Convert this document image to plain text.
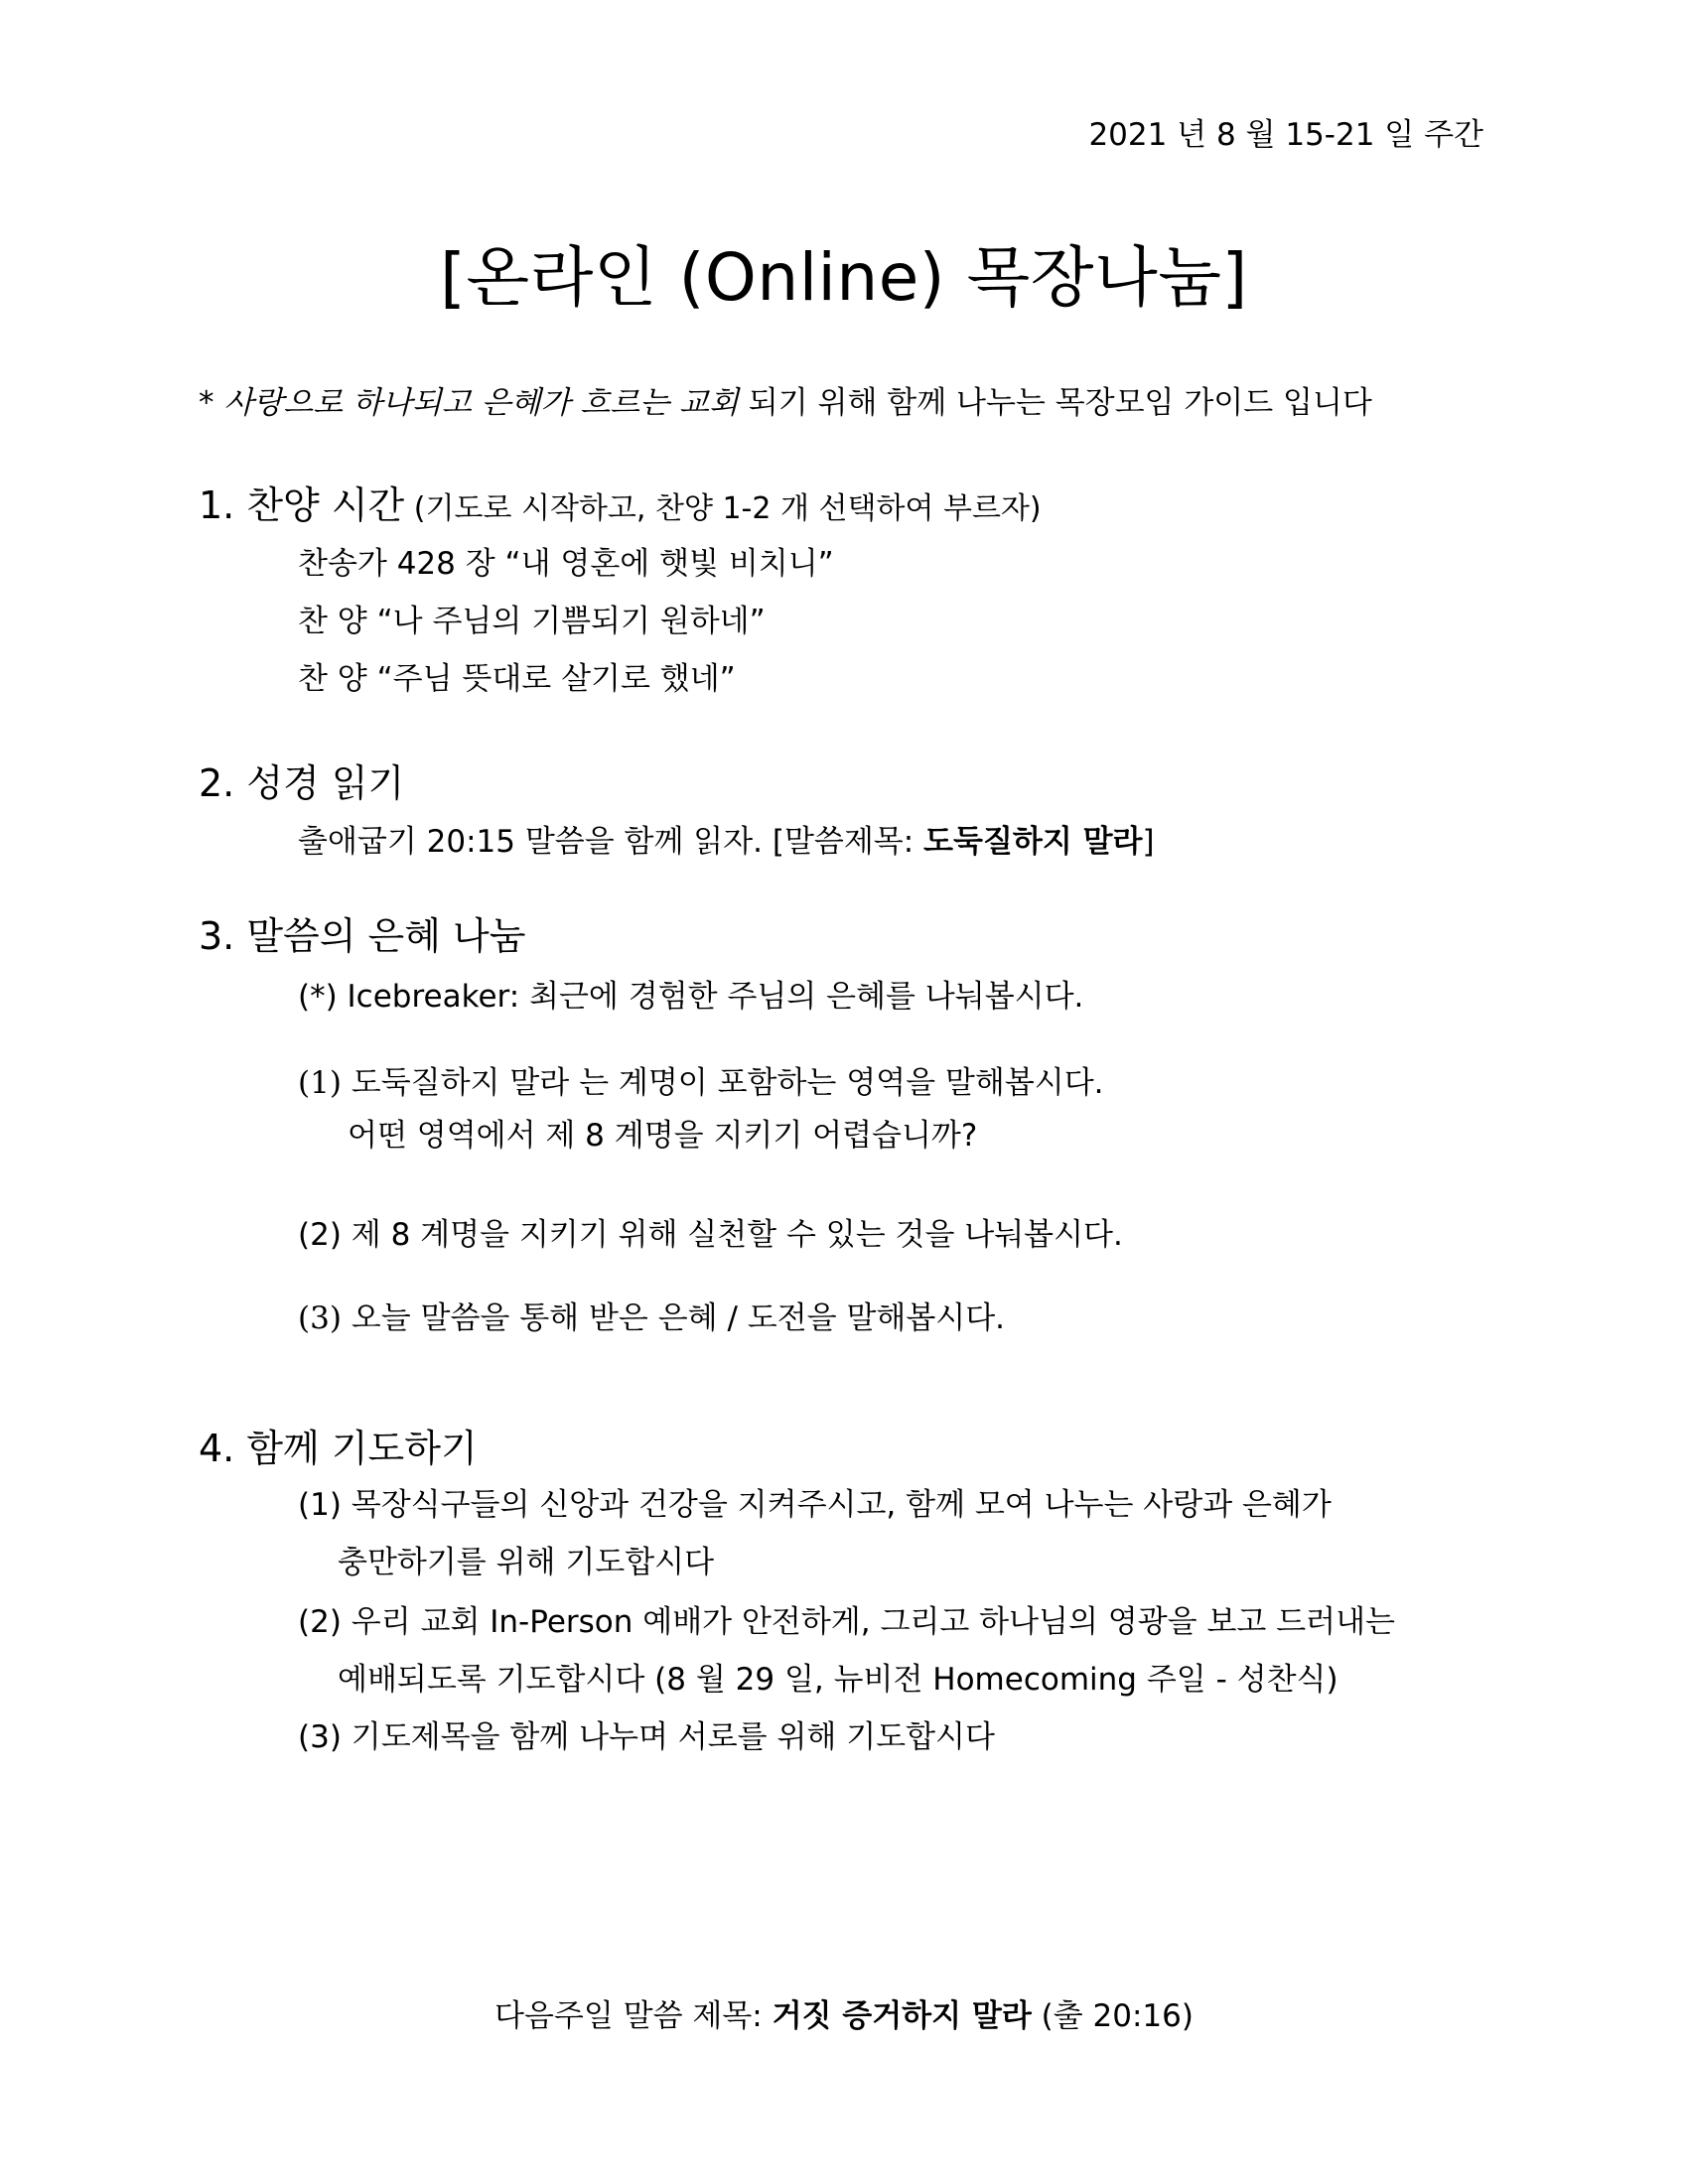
2021 년 8 월 15-21 일 주간
[온라인 (Online) 목장나눔]
* 사랑으로 하나되고 은혜가 흐르는 교회 되기 위해 함께 나누는 목장모임 가이드 입니다
1. 찬양 시간 (기도로 시작하고, 찬양 1-2 개 선택하여 부르자)
찬송가 428 장 “내 영혼에 햇빛 비치니”
찬 양 “나 주님의 기쁨되기 원하네”
찬 양 “주님 뜻대로 살기로 했네”
2. 성경 읽기
출애굽기 20:15 말씀을 함께 읽자. [말씀제목: 도둑질하지 말라]
3. 말씀의 은혜 나눔
(*) Icebreaker: 최근에 경험한 주님의 은혜를 나눠봅시다.
(1) 도둑질하지 말라 는 계명이 포함하는 영역을 말해봅시다.
어떤 영역에서 제 8 계명을 지키기 어렵습니까?
(2) 제 8 계명을 지키기 위해 실천할 수 있는 것을 나눠봅시다.
(3) 오늘 말씀을 통해 받은 은혜 / 도전을 말해봅시다.
4. 함께 기도하기
(1) 목장식구들의 신앙과 건강을 지켜주시고, 함께 모여 나누는 사랑과 은혜가
충만하기를 위해 기도합시다
(2) 우리 교회 In-Person 예배가 안전하게, 그리고 하나님의 영광을 보고 드러내는
예배되도록 기도합시다 (8 월 29 일, 뉴비전 Homecoming 주일 - 성찬식)
(3) 기도제목을 함께 나누며 서로를 위해 기도합시다
다음주일 말씀 제목: 거짓 증거하지 말라 (출 20:16)
